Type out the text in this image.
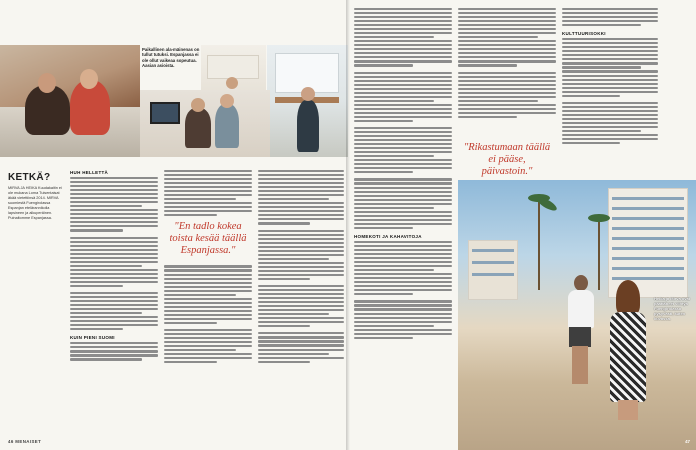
Paikallinen ala-mäinenas on tullut tutuksi. Espanjassa ei ole ollut vaikeaa sopeutua. Aasian asioista.
KETKÄ?
MIRVA JA HEIKA Kuudakaitin ei ole mukana Loma Tuisentaisat äkää vietettiinsä 2014. MIRVA suomiestä Fuengirolassa Espanjan etelärannikolla lapsineen ja alkuperäinen. Puinaltomme Espanjassa.
HUH HELLETTÄ
KUIN PIENI SUOMI
"En tadlo kokea toista kesää täällä Espanjassa."
46 MENAISET
HOMEKOTI JA KAHAVITOJA
KULTTUURISOKKI
"Rikastumaan täällä ei pääse, päivastoin."
Heika ja Mirva ovat päättäneet viihtyä Fuengirolassa pysyvästi, kuten kuvassa.
47
